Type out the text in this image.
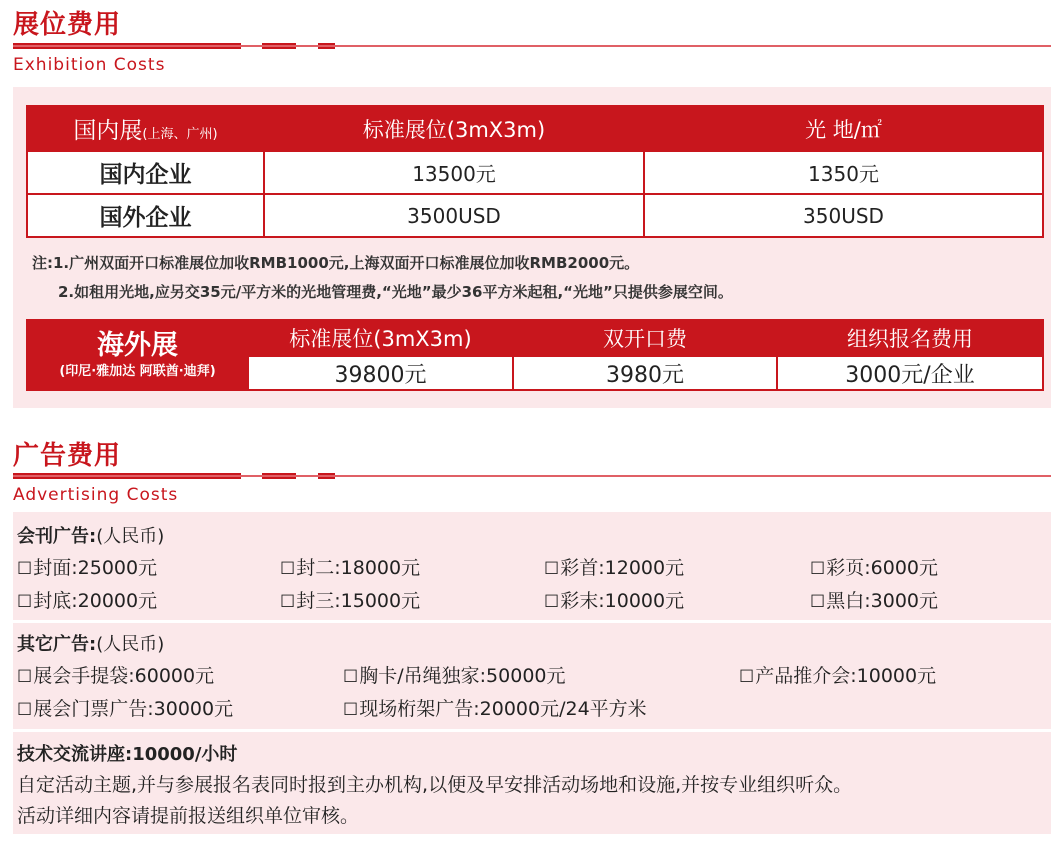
展位费用
Exhibition Costs
国内展(上海、广州)	标准展位(3mX3m)	光 地/㎡
国内企业	13500元	1350元
国外企业	3500USD	350USD
注:1.广州双面开口标准展位加收RMB1000元,上海双面开口标准展位加收RMB2000元。
2.如租用光地,应另交35元/平方米的光地管理费,“光地”最少36平方米起租,“光地”只提供参展空间。
海外展
(印尼·雅加达 阿联酋·迪拜)	标准展位(3mX3m)	双开口费	组织报名费用
	39800元	3980元	3000元/企业
广告费用
Advertising Costs
会刊广告:(人民币)
☐封面:25000元	☐封二:18000元	☐彩首:12000元	☐彩页:6000元
☐封底:20000元	☐封三:15000元	☐彩末:10000元	☐黑白:3000元
其它广告:(人民币)
☐展会手提袋:60000元	☐胸卡/吊绳独家:50000元	☐产品推介会:10000元
☐展会门票广告:30000元	☐现场桁架广告:20000元/24平方米
技术交流讲座:10000/小时
自定活动主题,并与参展报名表同时报到主办机构,以便及早安排活动场地和设施,并按专业组织听众。
活动详细内容请提前报送组织单位审核。
